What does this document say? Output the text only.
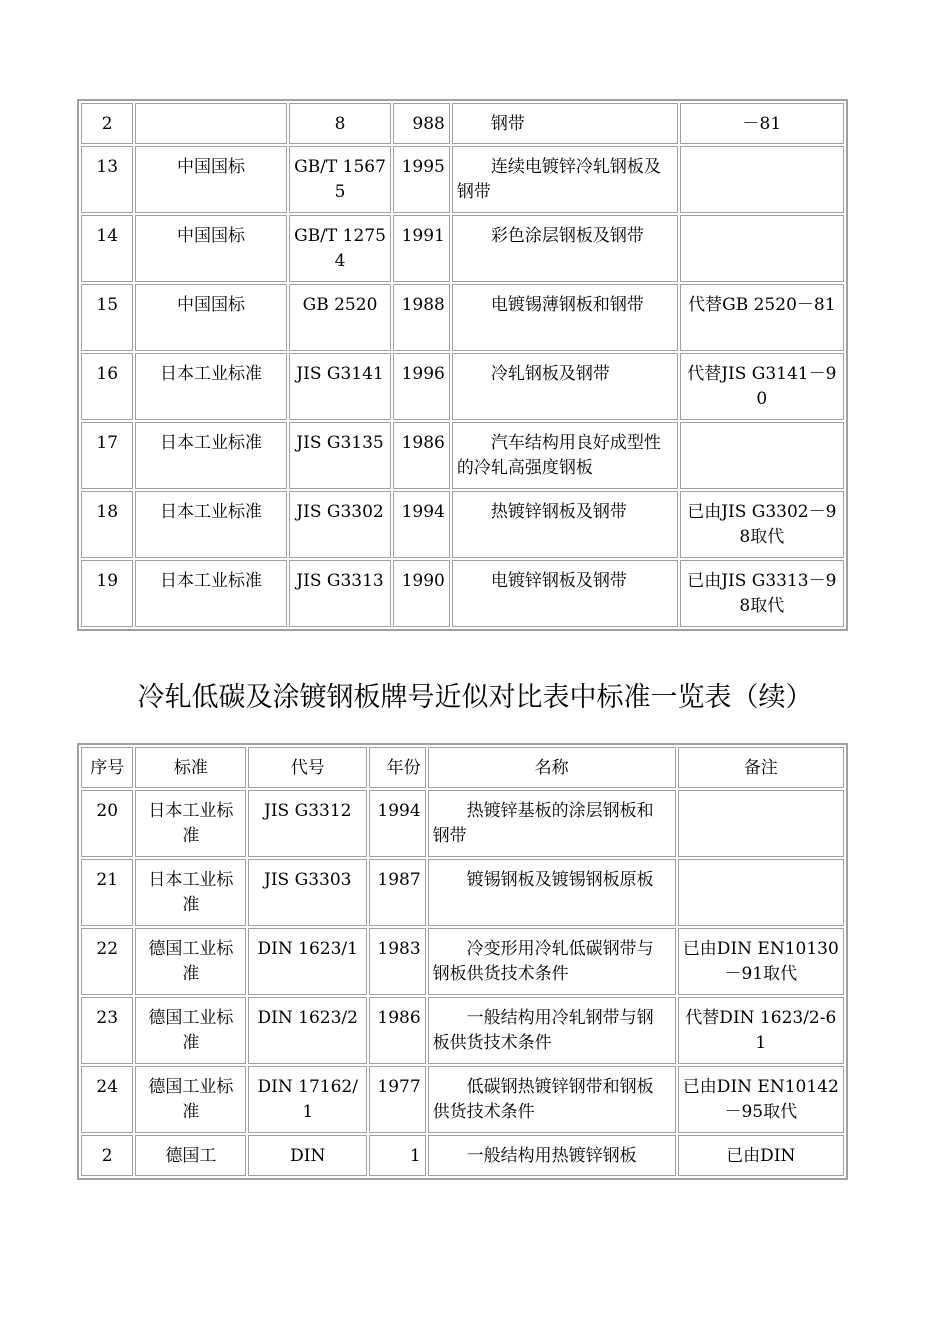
2		8	988	钢带	－81
13	中国国标	GB/T 15675	1995	连续电镀锌冷轧钢板及钢带	
14	中国国标	GB/T 12754	1991	彩色涂层钢板及钢带	
15	中国国标	GB 2520	1988	电镀锡薄钢板和钢带	代替GB 2520－81
16	日本工业标准	JIS G3141	1996	冷轧钢板及钢带	代替JIS G3141－90
17	日本工业标准	JIS G3135	1986	汽车结构用良好成型性的冷轧高强度钢板	
18	日本工业标准	JIS G3302	1994	热镀锌钢板及钢带	已由JIS G3302－98取代
19	日本工业标准	JIS G3313	1990	电镀锌钢板及钢带	已由JIS G3313－98取代
冷轧低碳及涂镀钢板牌号近似对比表中标准一览表（续）
序号	标准	代号	年份	名称	备注
20	日本工业标准	JIS G3312	1994	热镀锌基板的涂层钢板和钢带	
21	日本工业标准	JIS G3303	1987	镀锡钢板及镀锡钢板原板	
22	德国工业标准	DIN 1623/1	1983	冷变形用冷轧低碳钢带与钢板供货技术条件	已由DIN EN10130－91取代
23	德国工业标准	DIN 1623/2	1986	一般结构用冷轧钢带与钢板供货技术条件	代替DIN 1623/2-61
24	德国工业标准	DIN 17162/1	1977	低碳钢热镀锌钢带和钢板供货技术条件	已由DIN EN10142－95取代
2	德国工	DIN	1	一般结构用热镀锌钢板	已由DIN
